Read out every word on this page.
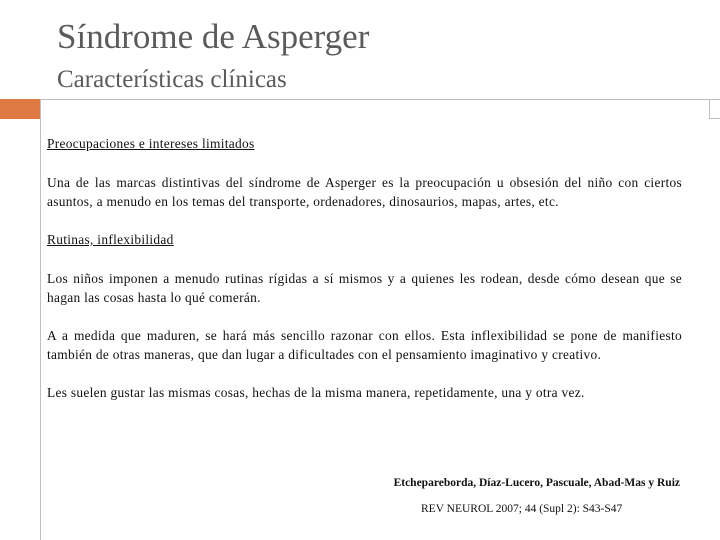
Síndrome de Asperger
Características clínicas
Preocupaciones e intereses limitados
Una de las marcas distintivas del síndrome de Asperger es la preocupación u obsesión del niño con ciertos asuntos, a menudo en los temas del transporte, ordenadores, dinosaurios, mapas, artes, etc.
Rutinas, inflexibilidad
Los niños imponen a menudo rutinas rígidas a sí mismos y a quienes les rodean, desde cómo desean que se hagan las cosas hasta lo qué comerán.
A a medida que maduren, se hará más sencillo razonar con ellos. Esta inflexibilidad se pone de manifiesto también de otras maneras, que dan lugar a dificultades con el pensamiento imaginativo y creativo.
Les suelen gustar las mismas cosas, hechas de la misma manera, repetidamente, una y otra vez.
Etchepareborda, Díaz-Lucero, Pascuale, Abad-Mas y Ruiz
REV NEUROL 2007; 44 (Supl 2): S43-S47
